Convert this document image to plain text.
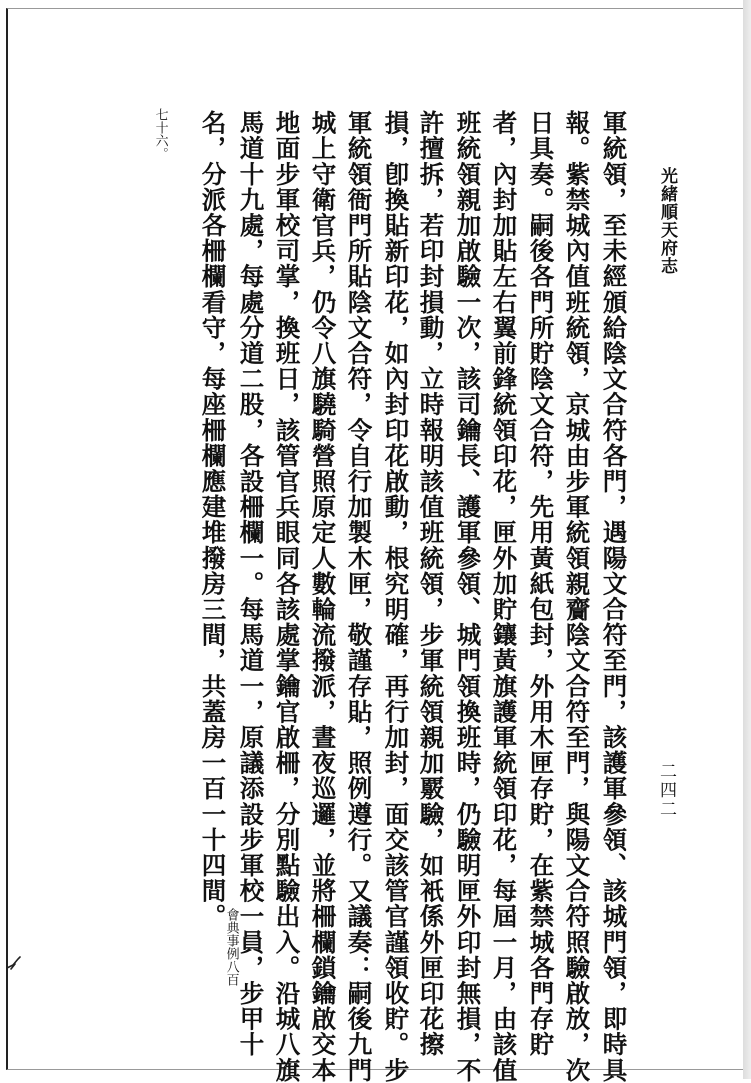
光緒順天府志
二四二
軍統領，至未經頒給陰文合符各門，遇陽文合符至門，該護軍參領、該城門領，即時具
報。紫禁城內值班統領，京城由步軍統領親齎陰文合符至門，與陽文合符照驗啟放，次
日具奏。嗣後各門所貯陰文合符，先用黃紙包封，外用木匣存貯，在紫禁城各門存貯
者，內封加貼左右翼前鋒統領印花，匣外加貯鑲黃旗護軍統領印花，每屆一月，由該值
班統領親加啟驗一次，該司鑰長、護軍參領、城門領換班時，仍驗明匣外印封無損，不
許擅拆，若印封損動，立時報明該值班統領，步軍統領親加覈驗，如衹係外匣印花擦
損，卽換貼新印花，如內封印花啟動，根究明確，再行加封，面交該管官謹領收貯。步
軍統領衙門所貼陰文合符，令自行加製木匣，敬謹存貼，照例遵行。又議奏：嗣後九門
城上守衛官兵，仍令八旗驍騎營照原定人數輪流撥派，晝夜巡邏，並將柵欄鎖鑰啟交本
地面步軍校司掌，換班日，該管官兵眼同各該處掌鑰官啟柵，分別點驗出入。沿城八旗
馬道十九處，每處分道二股，各設柵欄一。每馬道一，原議添設步軍校一員，步甲十
名，分派各柵欄看守，每座柵欄應建堆撥房三間，共蓋房一百一十四間。
七十六。
會典事例八百
